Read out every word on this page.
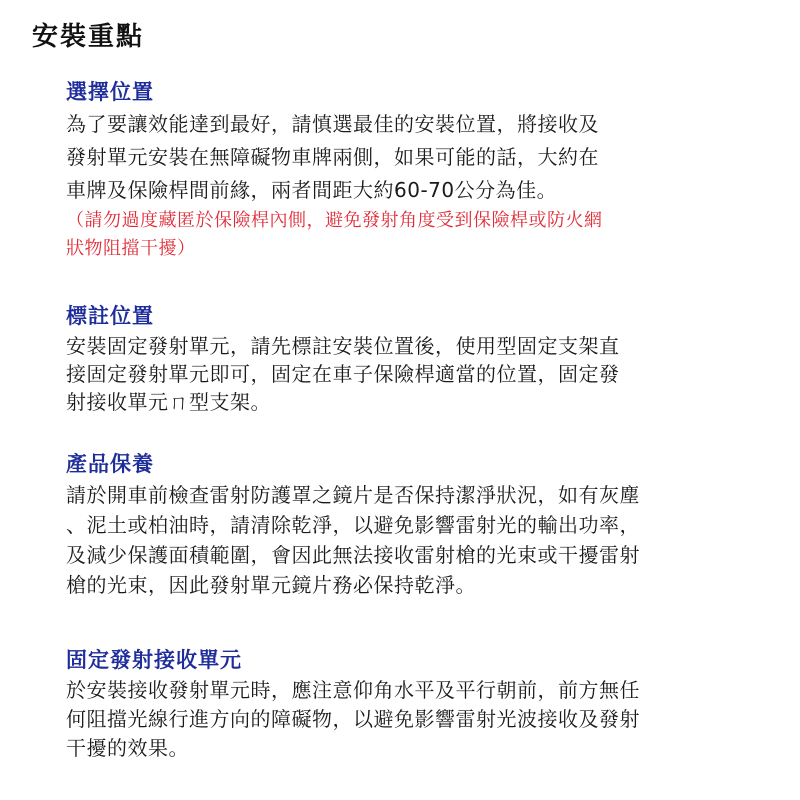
安裝重點
選擇位置

為了要讓效能達到最好，請慎選最佳的安裝位置，將接收及
發射單元安裝在無障礙物車牌兩側，如果可能的話，大約在
車牌及保險桿間前緣，兩者間距大約60-70公分為佳。

（請勿過度藏匿於保險桿內側，避免發射角度受到保險桿或防火網
狀物阻擋干擾）

標註位置

安裝固定發射單元，請先標註安裝位置後，使用型固定支架直
接固定發射單元即可，固定在車子保險桿適當的位置，固定發
射接收單元ㄇ型支架。

產品保養

請於開車前檢查雷射防護罩之鏡片是否保持潔淨狀況，如有灰塵
、泥土或柏油時，請清除乾淨，以避免影響雷射光的輸出功率，
及減少保護面積範圍，會因此無法接收雷射槍的光束或干擾雷射
槍的光束，因此發射單元鏡片務必保持乾淨。

固定發射接收單元

於安裝接收發射單元時，應注意仰角水平及平行朝前，前方無任
何阻擋光線行進方向的障礙物，以避免影響雷射光波接收及發射
干擾的效果。
